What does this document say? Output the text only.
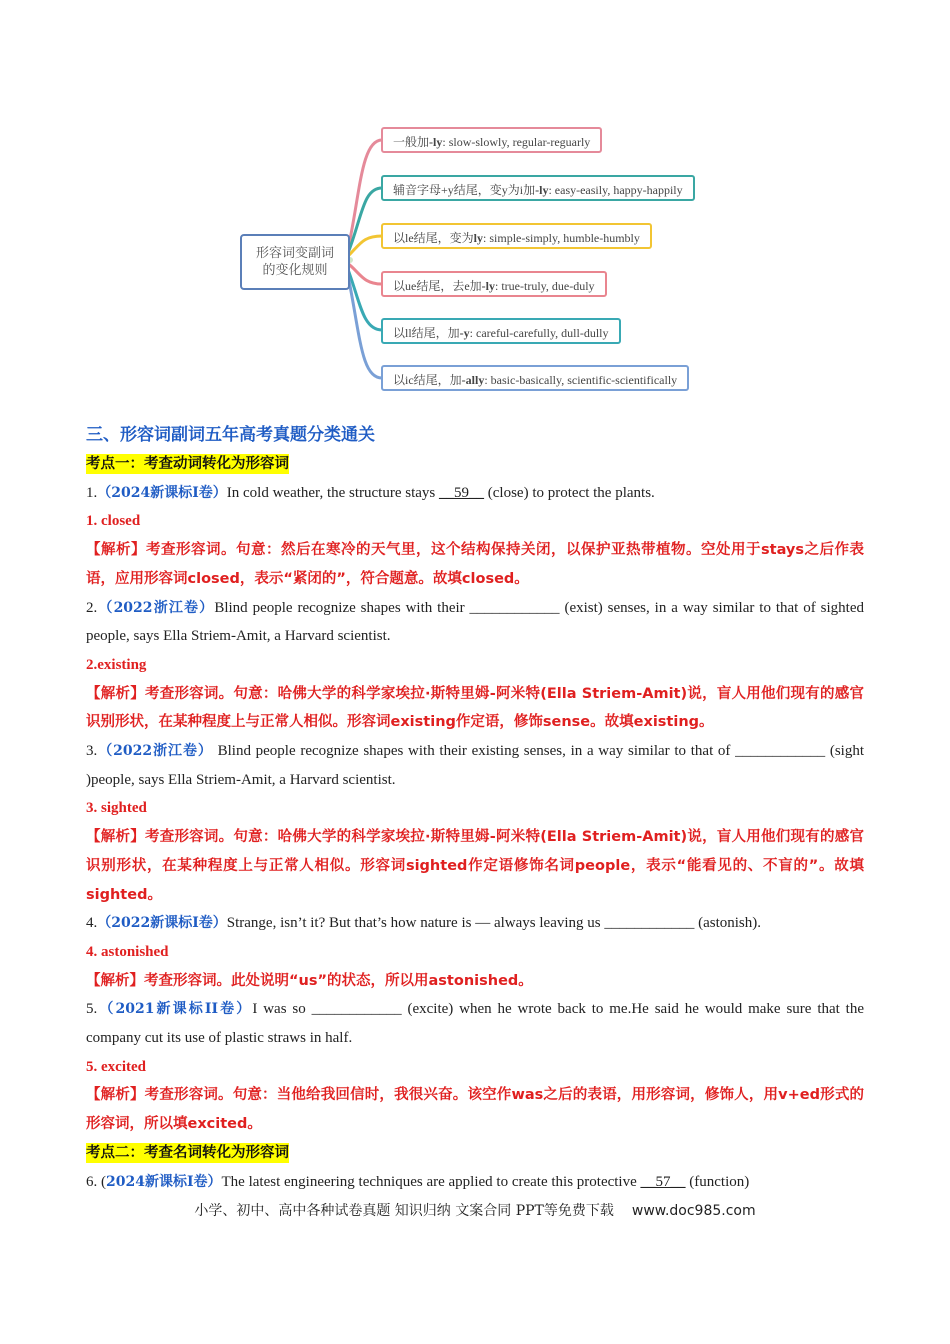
形容词变副词的变化规则
一般加-ly: slow-slowly, regular-reguarly
辅音字母+y结尾，变y为i加-ly: easy-easily, happy-happily
以le结尾，变为ly: simple-simply, humble-humbly
以ue结尾，去e加-ly: true-truly, due-duly
以ll结尾，加-y: careful-carefully, dull-dully
以ic结尾，加-ally: basic-basically, scientific-scientifically
三、形容词副词五年高考真题分类通关
考点一：考查动词转化为形容词

1.（2024新课标I卷）In cold weather, the structure stays __59__ (close) to protect the plants.

1. closed

【解析】考查形容词。句意：然后在寒冷的天气里，这个结构保持关闭，以保护亚热带植物。空处用于stays之后作表语，应用形容词closed，表示“紧闭的”，符合题意。故填closed。

2.（2022浙江卷）Blind people recognize shapes with their ____________ (exist) senses, in a way similar to that of sighted people, says Ella Striem-Amit, a Harvard scientist.

2.existing

【解析】考查形容词。句意：哈佛大学的科学家埃拉·斯特里姆-阿米特(Ella Striem-Amit)说，盲人用他们现有的感官识别形状，在某种程度上与正常人相似。形容词existing作定语，修饰sense。故填existing。

3.（2022浙江卷） Blind people recognize shapes with their existing senses, in a way similar to that of ____________ (sight )people, says Ella Striem-Amit, a Harvard scientist.

3. sighted

【解析】考查形容词。句意：哈佛大学的科学家埃拉·斯特里姆-阿米特(Ella Striem-Amit)说，盲人用他们现有的感官识别形状，在某种程度上与正常人相似。形容词sighted作定语修饰名词people，表示“能看见的、不盲的”。故填sighted。

4.（2022新课标I卷）Strange, isn’t it? But that’s how nature is — always leaving us ____________ (astonish).

4. astonished

【解析】考查形容词。此处说明“us”的状态，所以用astonished。

5.（2021新课标II卷）I was so ____________ (excite) when he wrote back to me.He said he would make sure that the company cut its use of plastic straws in half.

5. excited

【解析】考查形容词。句意：当他给我回信时，我很兴奋。该空作was之后的表语，用形容词，修饰人，用v+ed形式的形容词，所以填excited。

考点二：考查名词转化为形容词

6. (2024新课标I卷）The latest engineering techniques are applied to create this protective __57__ (function)

小学、初中、高中各种试卷真题 知识归纳 文案合同 PPT等免费下载 www.doc985.com
